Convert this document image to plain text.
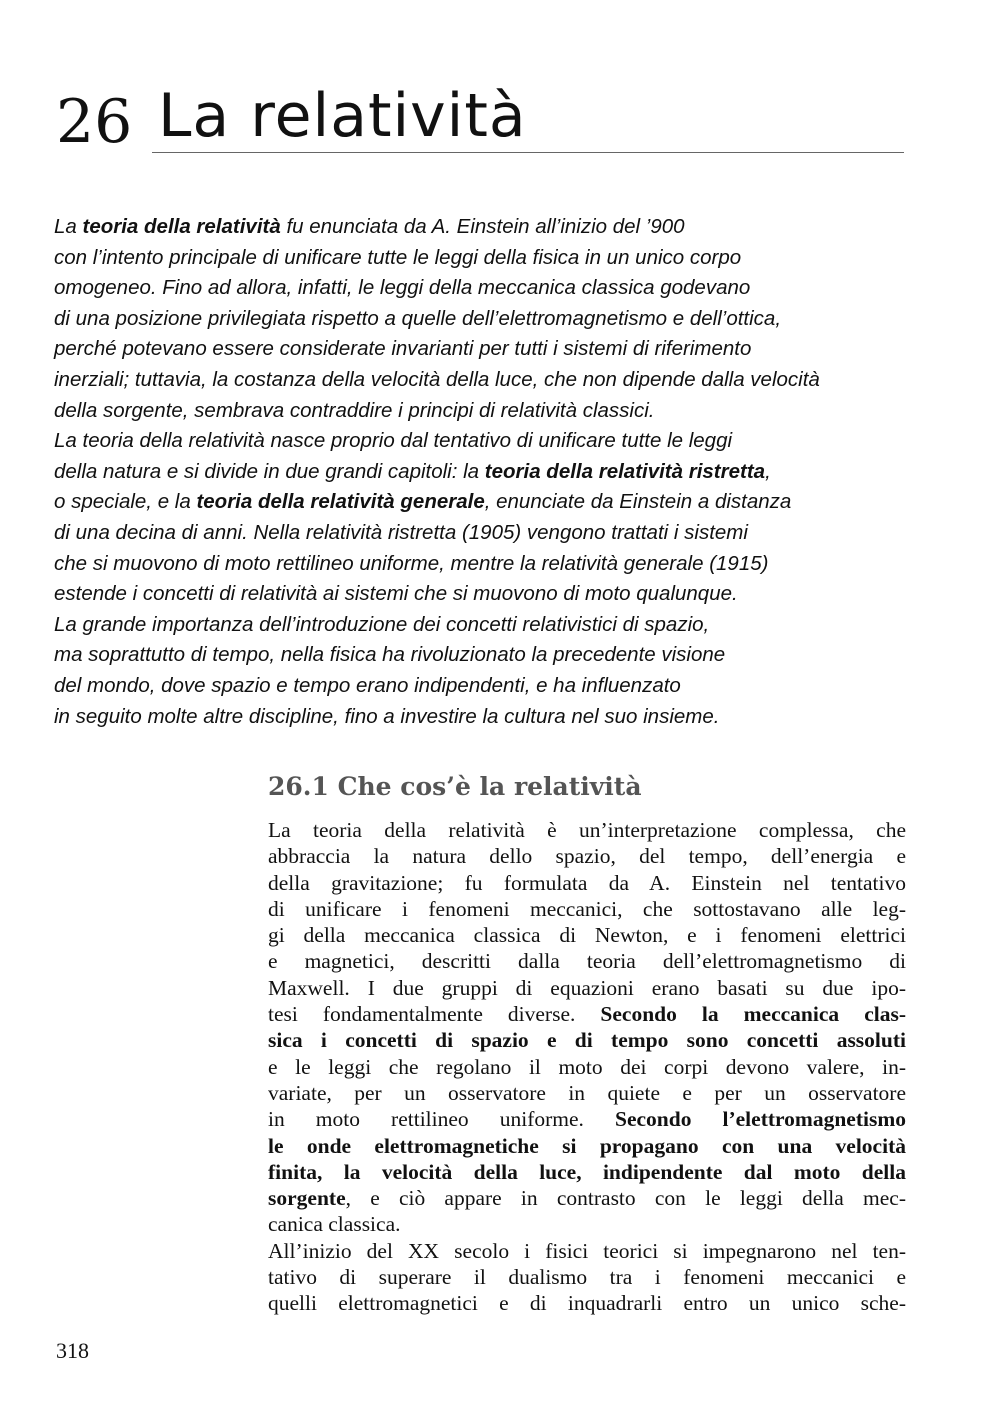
26 La relatività
La teoria della relatività fu enunciata da A. Einstein all’inizio del ’900
con l’intento principale di unificare tutte le leggi della fisica in un unico corpo
omogeneo. Fino ad allora, infatti, le leggi della meccanica classica godevano
di una posizione privilegiata rispetto a quelle dell’elettromagnetismo e dell’ottica,
perché potevano essere considerate invarianti per tutti i sistemi di riferimento
inerziali; tuttavia, la costanza della velocità della luce, che non dipende dalla velocità
della sorgente, sembrava contraddire i principi di relatività classici.
La teoria della relatività nasce proprio dal tentativo di unificare tutte le leggi
della natura e si divide in due grandi capitoli: la teoria della relatività ristretta,
o speciale, e la teoria della relatività generale, enunciate da Einstein a distanza
di una decina di anni. Nella relatività ristretta (1905) vengono trattati i sistemi
che si muovono di moto rettilineo uniforme, mentre la relatività generale (1915)
estende i concetti di relatività ai sistemi che si muovono di moto qualunque.
La grande importanza dell’introduzione dei concetti relativistici di spazio,
ma soprattutto di tempo, nella fisica ha rivoluzionato la precedente visione
del mondo, dove spazio e tempo erano indipendenti, e ha influenzato
in seguito molte altre discipline, fino a investire la cultura nel suo insieme.
26.1 Che cos’è la relatività
La teoria della relatività è un’interpretazione complessa, che
abbraccia la natura dello spazio, del tempo, dell’energia e
della gravitazione; fu formulata da A. Einstein nel tentativo
di unificare i fenomeni meccanici, che sottostavano alle leg-
gi della meccanica classica di Newton, e i fenomeni elettrici
e magnetici, descritti dalla teoria dell’elettromagnetismo di
Maxwell. I due gruppi di equazioni erano basati su due ipo-
tesi fondamentalmente diverse. Secondo la meccanica clas-
sica i concetti di spazio e di tempo sono concetti assoluti
e le leggi che regolano il moto dei corpi devono valere, in-
variate, per un osservatore in quiete e per un osservatore
in moto rettilineo uniforme. Secondo l’elettromagnetismo
le onde elettromagnetiche si propagano con una velocità
finita, la velocità della luce, indipendente dal moto della
sorgente, e ciò appare in contrasto con le leggi della mec-
canica classica.
All’inizio del XX secolo i fisici teorici si impegnarono nel ten-
tativo di superare il dualismo tra i fenomeni meccanici e
quelli elettromagnetici e di inquadrarli entro un unico sche-
318
